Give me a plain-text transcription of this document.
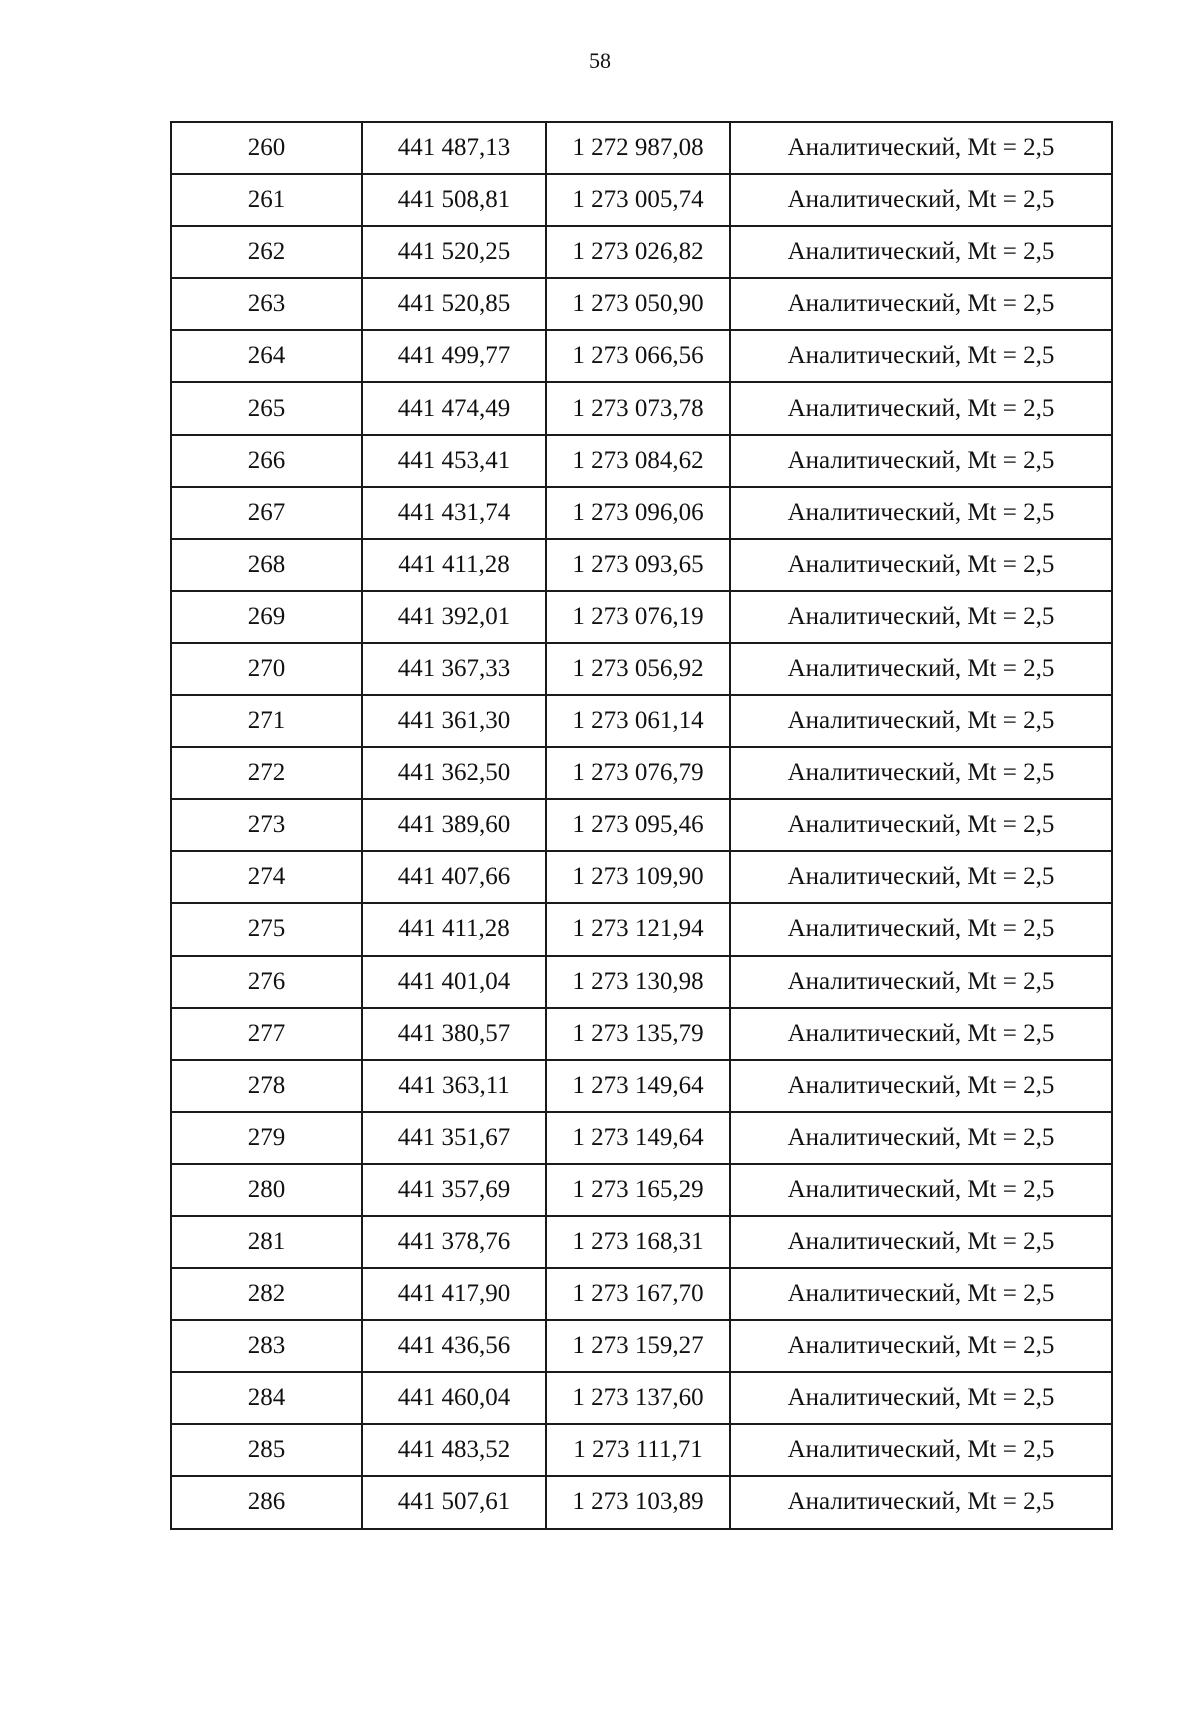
58
260	441 487,13	1 272 987,08	Аналитический, Mt = 2,5
261	441 508,81	1 273 005,74	Аналитический, Mt = 2,5
262	441 520,25	1 273 026,82	Аналитический, Mt = 2,5
263	441 520,85	1 273 050,90	Аналитический, Mt = 2,5
264	441 499,77	1 273 066,56	Аналитический, Mt = 2,5
265	441 474,49	1 273 073,78	Аналитический, Mt = 2,5
266	441 453,41	1 273 084,62	Аналитический, Mt = 2,5
267	441 431,74	1 273 096,06	Аналитический, Mt = 2,5
268	441 411,28	1 273 093,65	Аналитический, Mt = 2,5
269	441 392,01	1 273 076,19	Аналитический, Mt = 2,5
270	441 367,33	1 273 056,92	Аналитический, Mt = 2,5
271	441 361,30	1 273 061,14	Аналитический, Mt = 2,5
272	441 362,50	1 273 076,79	Аналитический, Mt = 2,5
273	441 389,60	1 273 095,46	Аналитический, Mt = 2,5
274	441 407,66	1 273 109,90	Аналитический, Mt = 2,5
275	441 411,28	1 273 121,94	Аналитический, Mt = 2,5
276	441 401,04	1 273 130,98	Аналитический, Mt = 2,5
277	441 380,57	1 273 135,79	Аналитический, Mt = 2,5
278	441 363,11	1 273 149,64	Аналитический, Mt = 2,5
279	441 351,67	1 273 149,64	Аналитический, Mt = 2,5
280	441 357,69	1 273 165,29	Аналитический, Mt = 2,5
281	441 378,76	1 273 168,31	Аналитический, Mt = 2,5
282	441 417,90	1 273 167,70	Аналитический, Mt = 2,5
283	441 436,56	1 273 159,27	Аналитический, Mt = 2,5
284	441 460,04	1 273 137,60	Аналитический, Mt = 2,5
285	441 483,52	1 273 111,71	Аналитический, Mt = 2,5
286	441 507,61	1 273 103,89	Аналитический, Mt = 2,5
